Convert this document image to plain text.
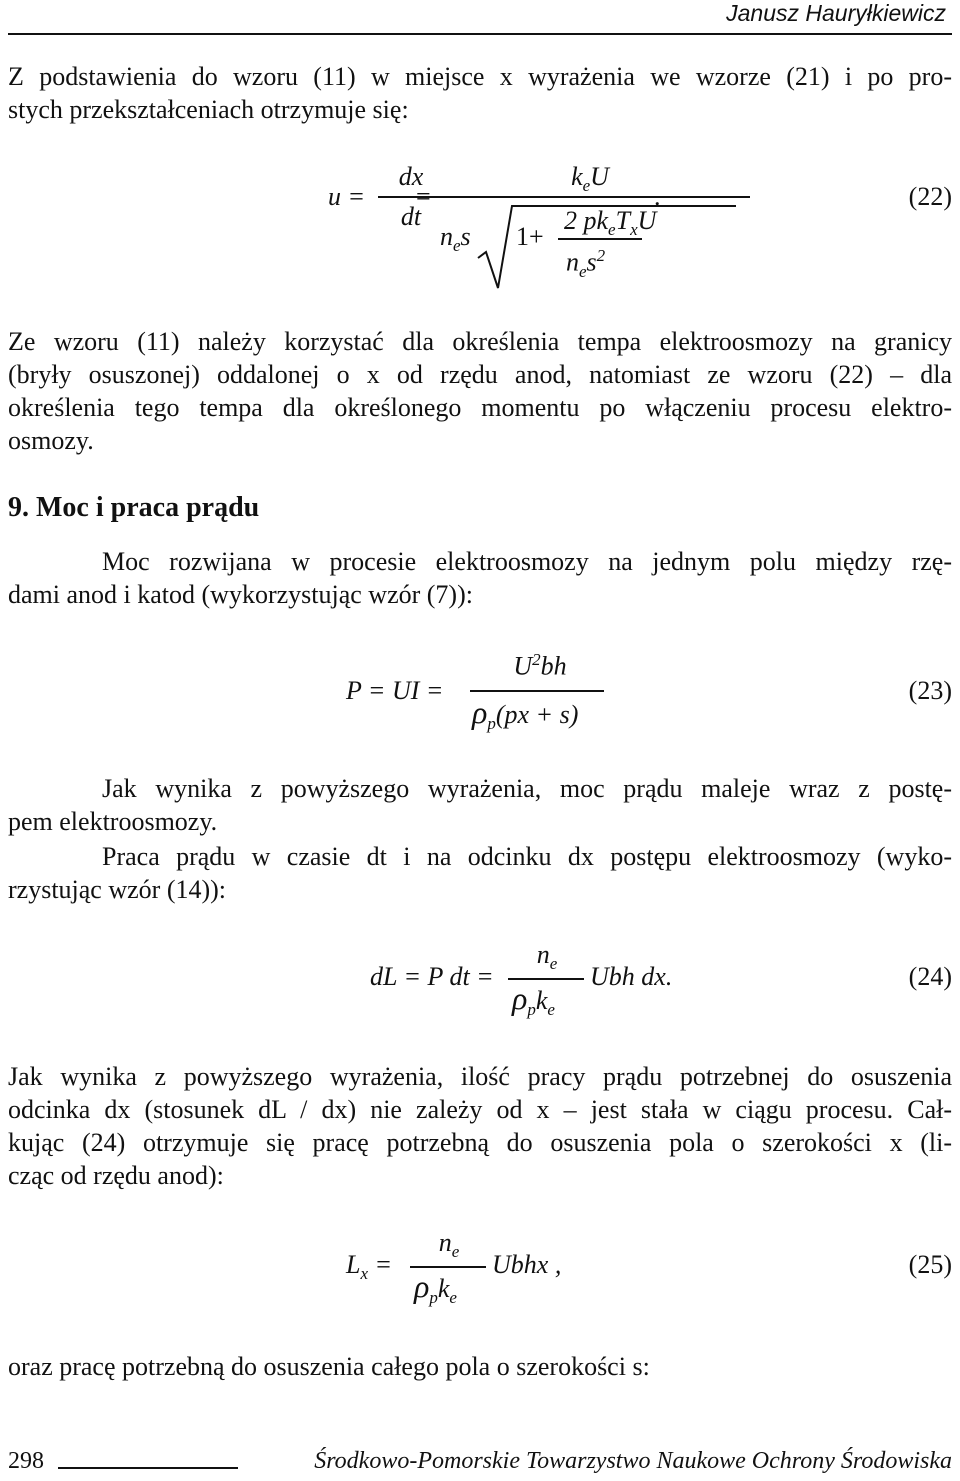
Janusz Hauryłkiewicz
Z podstawienia do wzoru (11) w miejsce x wyrażenia we wzorze (21) i po pro-
stych przekształceniach otrzymuje się:
u =
dx
dt
=
$k_eU$
$n_es$ 1+
2 $pk_eT_xU$
$n_es^2$
.	(22)
Ze wzoru (11) należy korzystać dla określenia tempa elektroosmozy na granicy
(bryły osuszonej) oddalonej o x od rzędu anod, natomiast ze wzoru (22) – dla
określenia tego tempa dla określonego momentu po włączeniu procesu elektro-
osmozy.
9. Moc i praca prądu
Moc rozwijana w procesie elektroosmozy na jednym polu między rzę-
dami anod i katod (wykorzystując wzór (7)):
P = UI =
$U^2bh$
$\rho_p(px + s)$
(23)
Jak wynika z powyższego wyrażenia, moc prądu maleje wraz z postę-
pem elektroosmozy.
Praca prądu w czasie dt i na odcinku dx postępu elektroosmozy (wyko-
rzystując wzór (14)):
dL = P dt =
$n_e$
$\rho_pk_e$
Ubh dx.	(24)
Jak wynika z powyższego wyrażenia, ilość pracy prądu potrzebnej do osuszenia
odcinka dx (stosunek dL / dx) nie zależy od x – jest stała w ciągu procesu. Cał-
kując (24) otrzymuje się pracę potrzebną do osuszenia pola o szerokości x (li-
cząc od rzędu anod):
$L_x$ =
$n_e$
$\rho_pk_e$
Ubhx ,	(25)
oraz pracę potrzebną do osuszenia całego pola o szerokości s:
298	Środkowo-Pomorskie Towarzystwo Naukowe Ochrony Środowiska
